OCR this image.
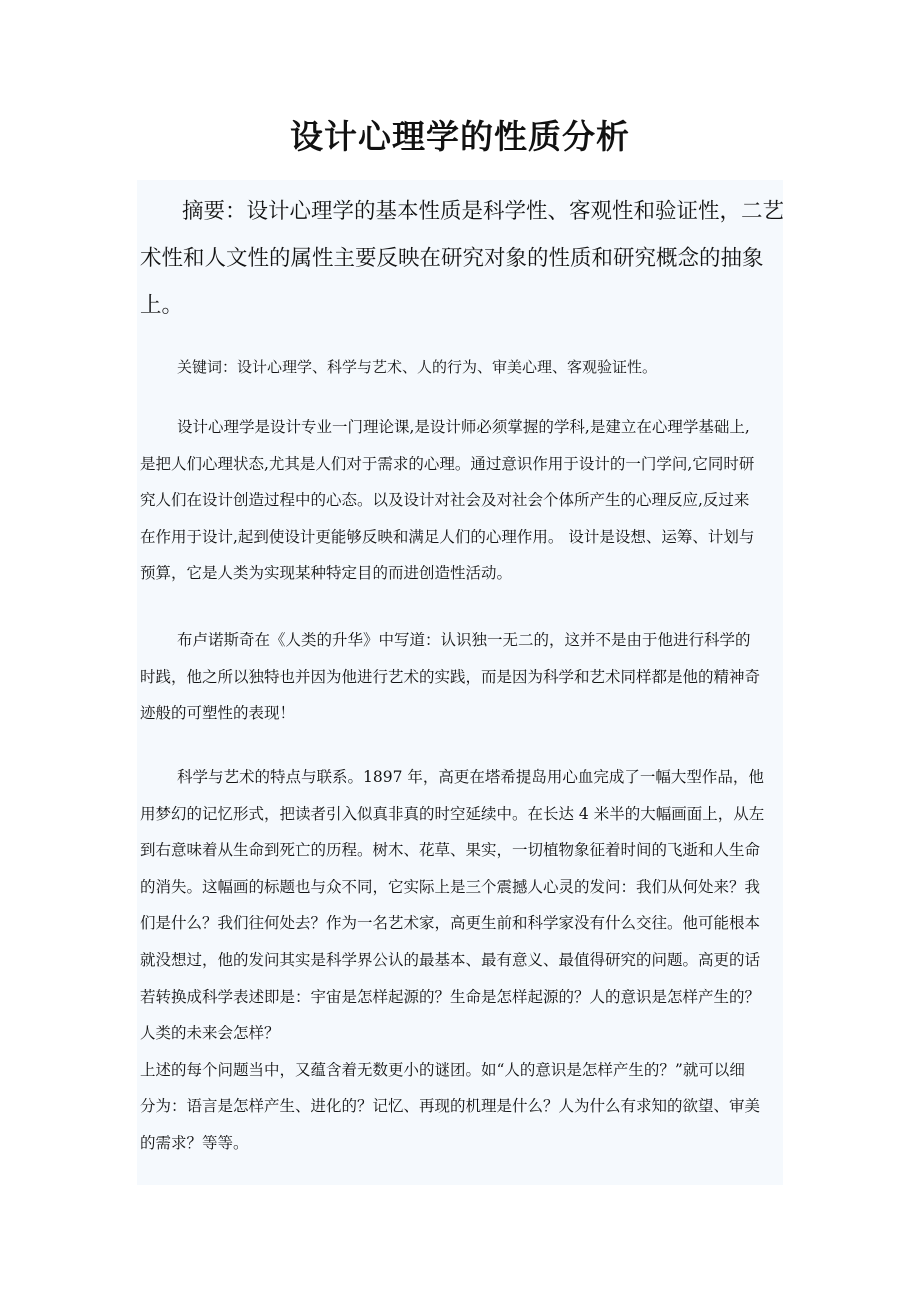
设计心理学的性质分析
摘要：设计心理学的基本性质是科学性、客观性和验证性，二艺
术性和人文性的属性主要反映在研究对象的性质和研究概念的抽象
上。
关键词：设计心理学、科学与艺术、人的行为、审美心理、客观验证性。
设计心理学是设计专业一门理论课,是设计师必须掌握的学科,是建立在心理学基础上,
是把人们心理状态,尤其是人们对于需求的心理。通过意识作用于设计的一门学问,它同时研
究人们在设计创造过程中的心态。以及设计对社会及对社会个体所产生的心理反应,反过来
在作用于设计,起到使设计更能够反映和满足人们的心理作用。 设计是设想、运筹、计划与
预算，它是人类为实现某种特定目的而进创造性活动。
布卢诺斯奇在《人类的升华》中写道：认识独一无二的，这并不是由于他进行科学的
时践，他之所以独特也并因为他进行艺术的实践，而是因为科学和艺术同样都是他的精神奇
迹般的可塑性的表现！
科学与艺术的特点与联系。1897 年，高更在塔希提岛用心血完成了一幅大型作品，他
用梦幻的记忆形式，把读者引入似真非真的时空延续中。在长达 4 米半的大幅画面上，从左
到右意味着从生命到死亡的历程。树木、花草、果实，一切植物象征着时间的飞逝和人生命
的消失。这幅画的标题也与众不同，它实际上是三个震撼人心灵的发问：我们从何处来？我
们是什么？我们往何处去？作为一名艺术家，高更生前和科学家没有什么交往。他可能根本
就没想过，他的发问其实是科学界公认的最基本、最有意义、最值得研究的问题。高更的话
若转换成科学表述即是：宇宙是怎样起源的？生命是怎样起源的？人的意识是怎样产生的？
人类的未来会怎样？
上述的每个问题当中，又蕴含着无数更小的谜团。如“人的意识是怎样产生的？”就可以细
分为：语言是怎样产生、进化的？记忆、再现的机理是什么？人为什么有求知的欲望、审美
的需求？等等。
